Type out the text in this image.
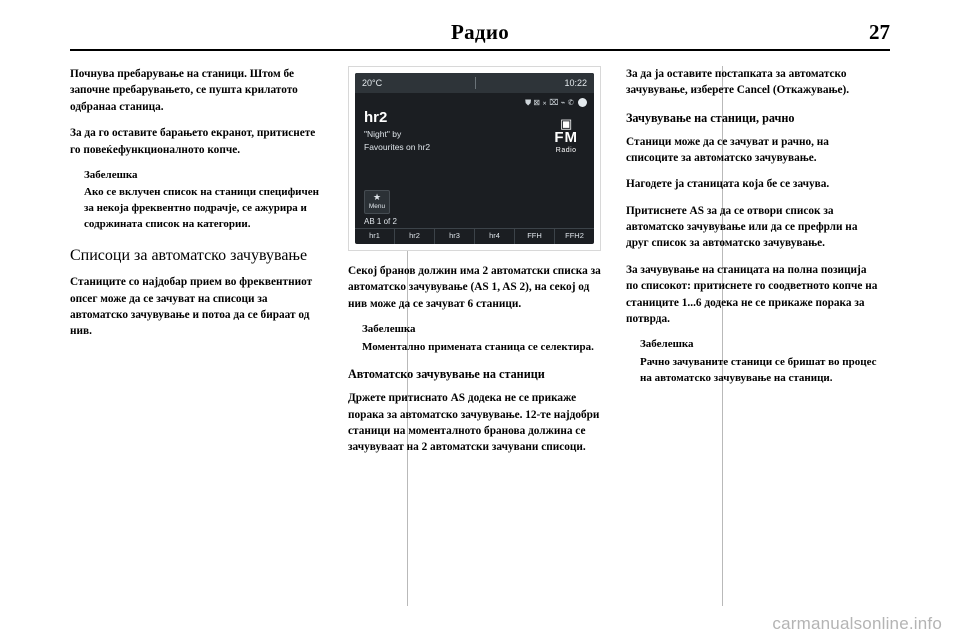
Радио	27

Почнува пребарување на станици. Штом бе започне пребарувањето, се пушта крилатото одбранаа станица.

За да го оставите барањето екранот, притиснете го повеќефункционалното копче.

Забелешка
Ако се вклучен список на станици специфичен за некоја фреквентно подрачје, се ажурира и содржината список на категории.
Списоци за автоматско зачувување

Станиците со најдобар прием во фреквентниот опсег може да се зачуват на списоци за автоматско зачувување и потоа да се бираат од нив.

20°C	10:22
⛊ ⊠ ⨯ ⌧ ⌁ ✆
hr2
"Night" by
Favourites on hr2
▣
FM
Radio
★
Menu
AB 1 of 2
hr1	hr2	hr3	hr4	FFH	FFH2

Секој бранов должин има 2 автоматски списка за автоматско зачувување (AS 1, AS 2), на секој од нив може да се зачуват 6 станици.

Забелешка
Моментално примената станица се селектира.
Автоматско зачувување на станици

Држете притиснато AS додека не се прикаже порака за автоматско зачувување. 12-те најдобри станици на моменталното бранова должина се зачувуваат на 2 автоматски зачувани списоци.

За да ја оставите постапката за автоматско зачувување, изберете Cancel (Откажување).

Зачувување на станици, рачно

Станици може да се зачуват и рачно, на списоците за автоматско зачувување.

Нагодете ја станицата која бе се зачува.

Притиснете AS за да се отвори список за автоматско зачувување или да се префрли на друг список за автоматско зачувување.

За зачувување на станицата на полна позиција по списокот: притиснете го соодветното копче на станиците 1...6 додека не се прикаже порака за потврда.

Забелешка
Рачно зачуваните станици се бришат во процес на автоматско зачувување на станици.
carmanualsonline.info
